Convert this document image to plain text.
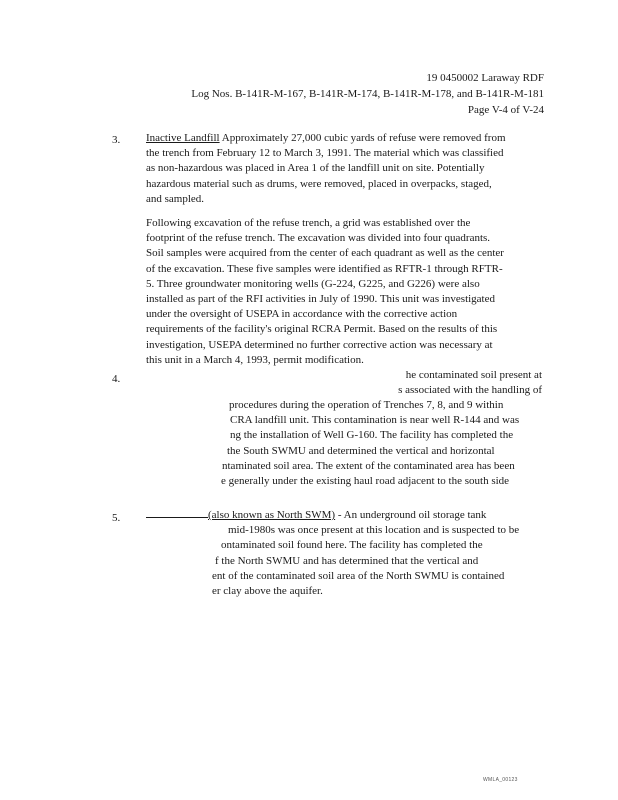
19 0450002 Laraway RDF
Log Nos. B-141R-M-167, B-141R-M-174, B-141R-M-178, and B-141R-M-181
Page V-4 of V-24
3. Inactive Landfill Approximately 27,000 cubic yards of refuse were removed from
the trench from February 12 to March 3, 1991. The material which was classified
as non-hazardous was placed in Area 1 of the landfill unit on site. Potentially
hazardous material such as drums, were removed, placed in overpacks, staged,
and sampled.
Following excavation of the refuse trench, a grid was established over the
footprint of the refuse trench. The excavation was divided into four quadrants.
Soil samples were acquired from the center of each quadrant as well as the center
of the excavation. These five samples were identified as RFTR-1 through RFTR-
5. Three groundwater monitoring wells (G-224, G225, and G226) were also
installed as part of the RFI activities in July of 1990. This unit was investigated
under the oversight of USEPA in accordance with the corrective action
requirements of the facility's original RCRA Permit. Based on the results of this
investigation, USEPA determined no further corrective action was necessary at
this unit in a March 4, 1993, permit modification.
4.	he contaminated soil present at
s associated with the handling of
procedures during the operation of Trenches 7, 8, and 9 within
CRA landfill unit. This contamination is near well R-144 and was
ng the installation of Well G-160. The facility has completed the
the South SWMU and determined the vertical and horizontal
ntaminated soil area. The extent of the contaminated area has been
e generally under the existing haul road adjacent to the south side
5.	(also known as North SWM) - An underground oil storage tank
mid-1980s was once present at this location and is suspected to be
ontaminated soil found here. The facility has completed the
f the North SWMU and has determined that the vertical and
ent of the contaminated soil area of the North SWMU is contained
er clay above the aquifer.
WMLA_00123
